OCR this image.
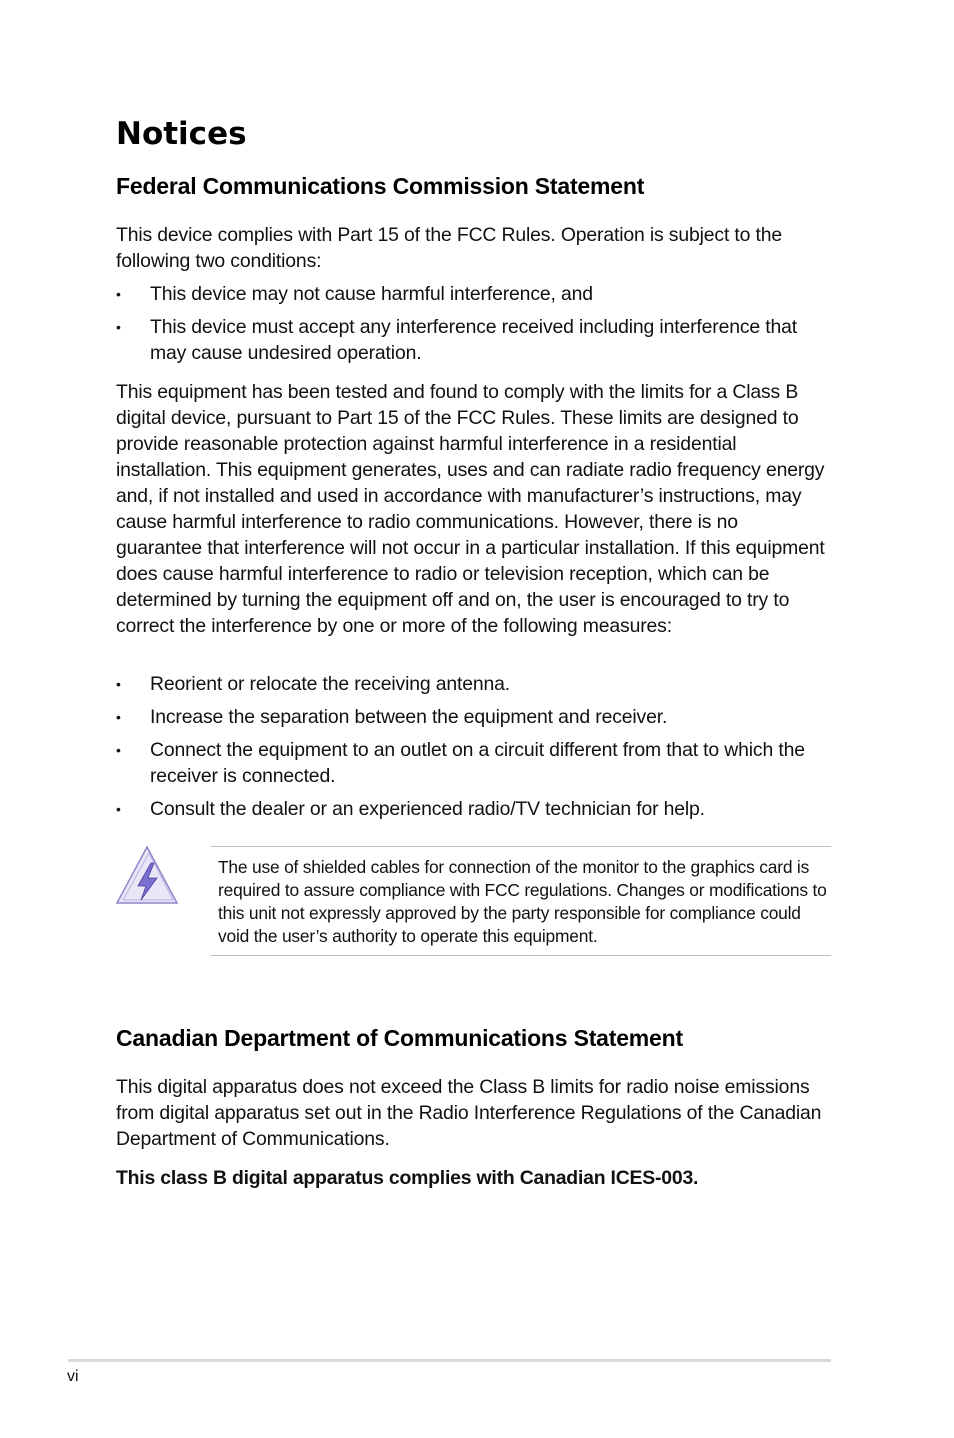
Notices
Federal Communications Commission Statement

This device complies with Part 15 of the FCC Rules. Operation is subject to the following two conditions:

• This device may not cause harmful interference, and
• This device must accept any interference received including interference that may cause undesired operation.

This equipment has been tested and found to comply with the limits for a Class B digital device, pursuant to Part 15 of the FCC Rules. These limits are designed to provide reasonable protection against harmful interference in a residential installation. This equipment generates, uses and can radiate radio frequency energy and, if not installed and used in accordance with manufacturer’s instructions, may cause harmful interference to radio communications. However, there is no guarantee that interference will not occur in a particular installation. If this equipment does cause harmful interference to radio or television reception, which can be determined by turning the equipment off and on, the user is encouraged to try to correct the interference by one or more of the following measures:

• Reorient or relocate the receiving antenna.
• Increase the separation between the equipment and receiver.
• Connect the equipment to an outlet on a circuit different from that to which the receiver is connected.
• Consult the dealer or an experienced radio/TV technician for help.

The use of shielded cables for connection of the monitor to the graphics card is required to assure compliance with FCC regulations. Changes or modifications to this unit not expressly approved by the party responsible for compliance could void the user’s authority to operate this equipment.

Canadian Department of Communications Statement

This digital apparatus does not exceed the Class B limits for radio noise emissions from digital apparatus set out in the Radio Interference Regulations of the Canadian Department of Communications.

This class B digital apparatus complies with Canadian ICES-003.

vi
